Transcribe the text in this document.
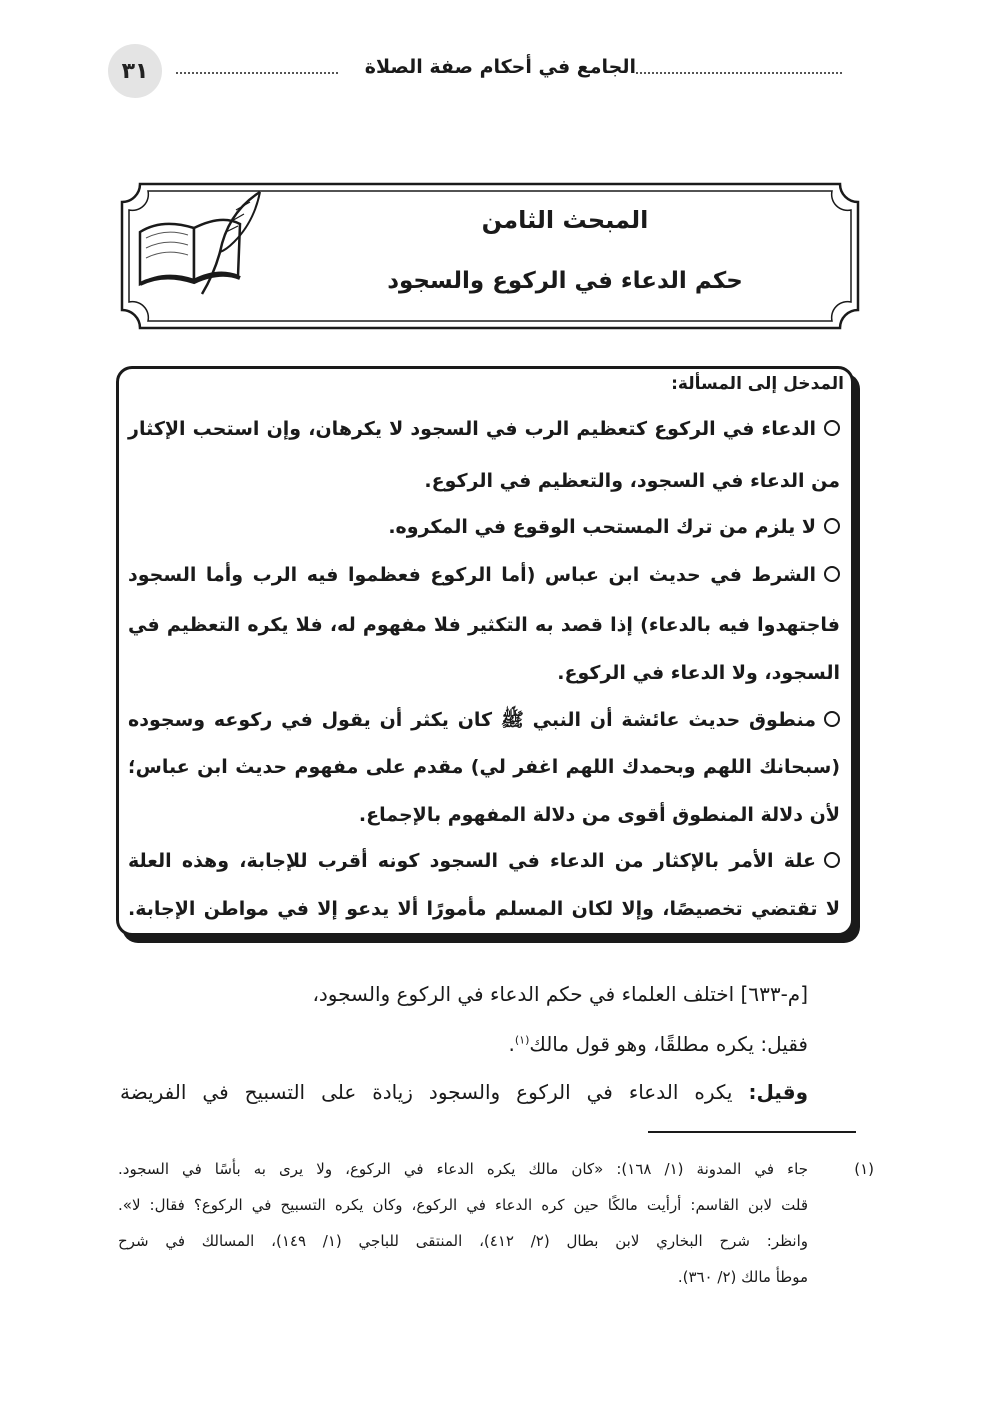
٣١	الجامع في أحكام صفة الصلاة
المبحث الثامن
حكم الدعاء في الركوع والسجود
المدخل إلى المسألة:
الدعاء في الركوع كتعظيم الرب في السجود لا يكرهان، وإن استحب الإكثار
من الدعاء في السجود، والتعظيم في الركوع.
لا يلزم من ترك المستحب الوقوع في المكروه.
الشرط في حديث ابن عباس (أما الركوع فعظموا فيه الرب وأما السجود
فاجتهدوا فيه بالدعاء) إذا قصد به التكثير فلا مفهوم له، فلا يكره التعظيم في
السجود، ولا الدعاء في الركوع.
منطوق حديث عائشة أن النبي ﷺ كان يكثر أن يقول في ركوعه وسجوده
(سبحانك اللهم وبحمدك اللهم اغفر لي) مقدم على مفهوم حديث ابن عباس؛
لأن دلالة المنطوق أقوى من دلالة المفهوم بالإجماع.
علة الأمر بالإكثار من الدعاء في السجود كونه أقرب للإجابة، وهذه العلة
لا تقتضي تخصيصًا، وإلا لكان المسلم مأمورًا ألا يدعو إلا في مواطن الإجابة.
[م-٦٣٣] اختلف العلماء في حكم الدعاء في الركوع والسجود،
فقيل: يكره مطلقًا، وهو قول مالك$^{(١)}$.
وقيل: يكره الدعاء في الركوع والسجود زيادة على التسبيح في الفريضة
(١)
جاء في المدونة (١/ ١٦٨): «كان مالك يكره الدعاء في الركوع، ولا يرى به بأسًا في السجود.
قلت لابن القاسم: أرأيت مالكًا حين كره الدعاء في الركوع، وكان يكره التسبيح في الركوع؟ فقال: لا».
وانظر: شرح البخاري لابن بطال (٢/ ٤١٢)، المنتقى للباجي (١/ ١٤٩)، المسالك في شرح
موطأ مالك (٢/ ٣٦٠).
